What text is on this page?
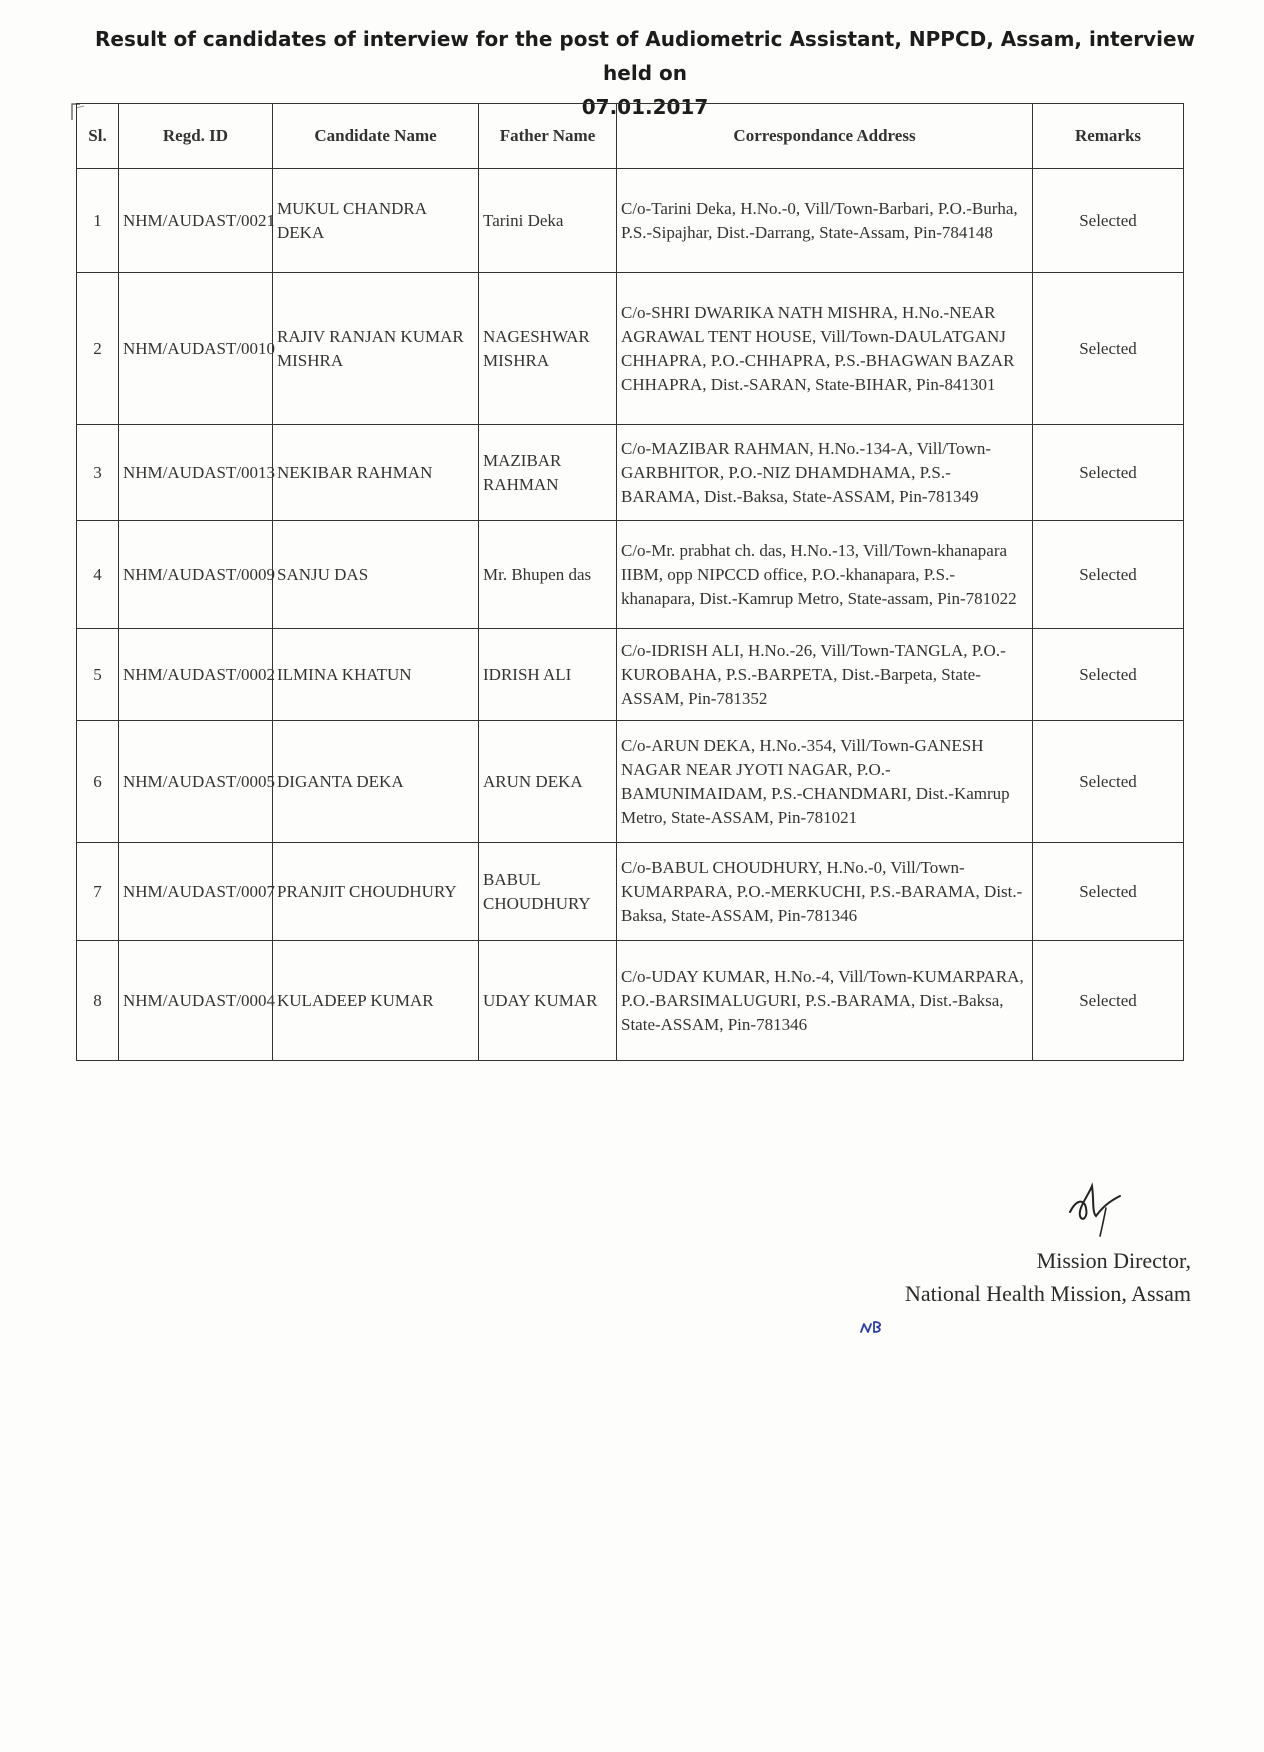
Result of candidates of interview for the post of Audiometric Assistant, NPPCD, Assam, interview held on
07.01.2017
Sl.	Regd. ID	Candidate Name	Father Name	Correspondance Address	Remarks
1	NHM/AUDAST/0021	MUKUL CHANDRA DEKA	Tarini Deka	C/o-Tarini Deka, H.No.-0, Vill/Town-Barbari, P.O.-Burha, P.S.-Sipajhar, Dist.-Darrang, State-Assam, Pin-784148	Selected
2	NHM/AUDAST/0010	RAJIV RANJAN KUMAR MISHRA	NAGESHWAR MISHRA	C/o-SHRI DWARIKA NATH MISHRA, H.No.-NEAR AGRAWAL TENT HOUSE, Vill/Town-DAULATGANJ CHHAPRA, P.O.-CHHAPRA, P.S.-BHAGWAN BAZAR CHHAPRA, Dist.-SARAN, State-BIHAR, Pin-841301	Selected
3	NHM/AUDAST/0013	NEKIBAR RAHMAN	MAZIBAR RAHMAN	C/o-MAZIBAR RAHMAN, H.No.-134-A, Vill/Town-GARBHITOR, P.O.-NIZ DHAMDHAMA, P.S.-BARAMA, Dist.-Baksa, State-ASSAM, Pin-781349	Selected
4	NHM/AUDAST/0009	SANJU DAS	Mr. Bhupen das	C/o-Mr. prabhat ch. das, H.No.-13, Vill/Town-khanapara IIBM, opp NIPCCD office, P.O.-khanapara, P.S.-khanapara, Dist.-Kamrup Metro, State-assam, Pin-781022	Selected
5	NHM/AUDAST/0002	ILMINA KHATUN	IDRISH ALI	C/o-IDRISH ALI, H.No.-26, Vill/Town-TANGLA, P.O.-KUROBAHA, P.S.-BARPETA, Dist.-Barpeta, State-ASSAM, Pin-781352	Selected
6	NHM/AUDAST/0005	DIGANTA DEKA	ARUN DEKA	C/o-ARUN DEKA, H.No.-354, Vill/Town-GANESH NAGAR NEAR JYOTI NAGAR, P.O.-BAMUNIMAIDAM, P.S.-CHANDMARI, Dist.-Kamrup Metro, State-ASSAM, Pin-781021	Selected
7	NHM/AUDAST/0007	PRANJIT CHOUDHURY	BABUL CHOUDHURY	C/o-BABUL CHOUDHURY, H.No.-0, Vill/Town-KUMARPARA, P.O.-MERKUCHI, P.S.-BARAMA, Dist.-Baksa, State-ASSAM, Pin-781346	Selected
8	NHM/AUDAST/0004	KULADEEP KUMAR	UDAY KUMAR	C/o-UDAY KUMAR, H.No.-4, Vill/Town-KUMARPARA, P.O.-BARSIMALUGURI, P.S.-BARAMA, Dist.-Baksa, State-ASSAM, Pin-781346	Selected
Mission Director,
National Health Mission, Assam
